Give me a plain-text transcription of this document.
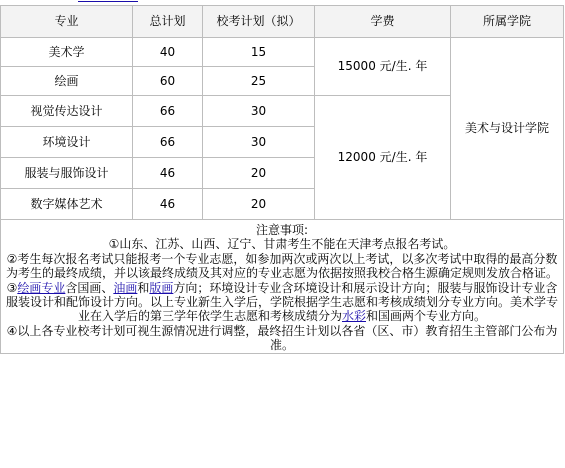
专业	总计划	校考计划（拟）	学费	所属学院
美术学	40	15	15000 元/生. 年	美术与设计学院
绘画	60	25		
视觉传达设计	66	30	12000 元/生. 年	
环境设计	66	30		
服装与服饰设计	46	20		
数字媒体艺术	46	20		

注意事项:

①山东、江苏、山西、辽宁、甘肃考生不能在天津考点报名考试。

②考生每次报名考试只能报考一个专业志愿，如参加两次或两次以上考试，以多次考试中取得的最高分数为考生的最终成绩，并以该最终成绩及其对应的专业志愿为依据按照我校合格生源确定规则发放合格证。

③绘画专业含国画、油画和版画方向；环境设计专业含环境设计和展示设计方向；服装与服饰设计专业含服装设计和配饰设计方向。以上专业新生入学后，学院根据学生志愿和考核成绩划分专业方向。美术学专业在入学后的第三学年依学生志愿和考核成绩分为水彩和国画两个专业方向。

④以上各专业校考计划可视生源情况进行调整，最终招生计划以各省（区、市）教育招生主管部门公布为准。				
